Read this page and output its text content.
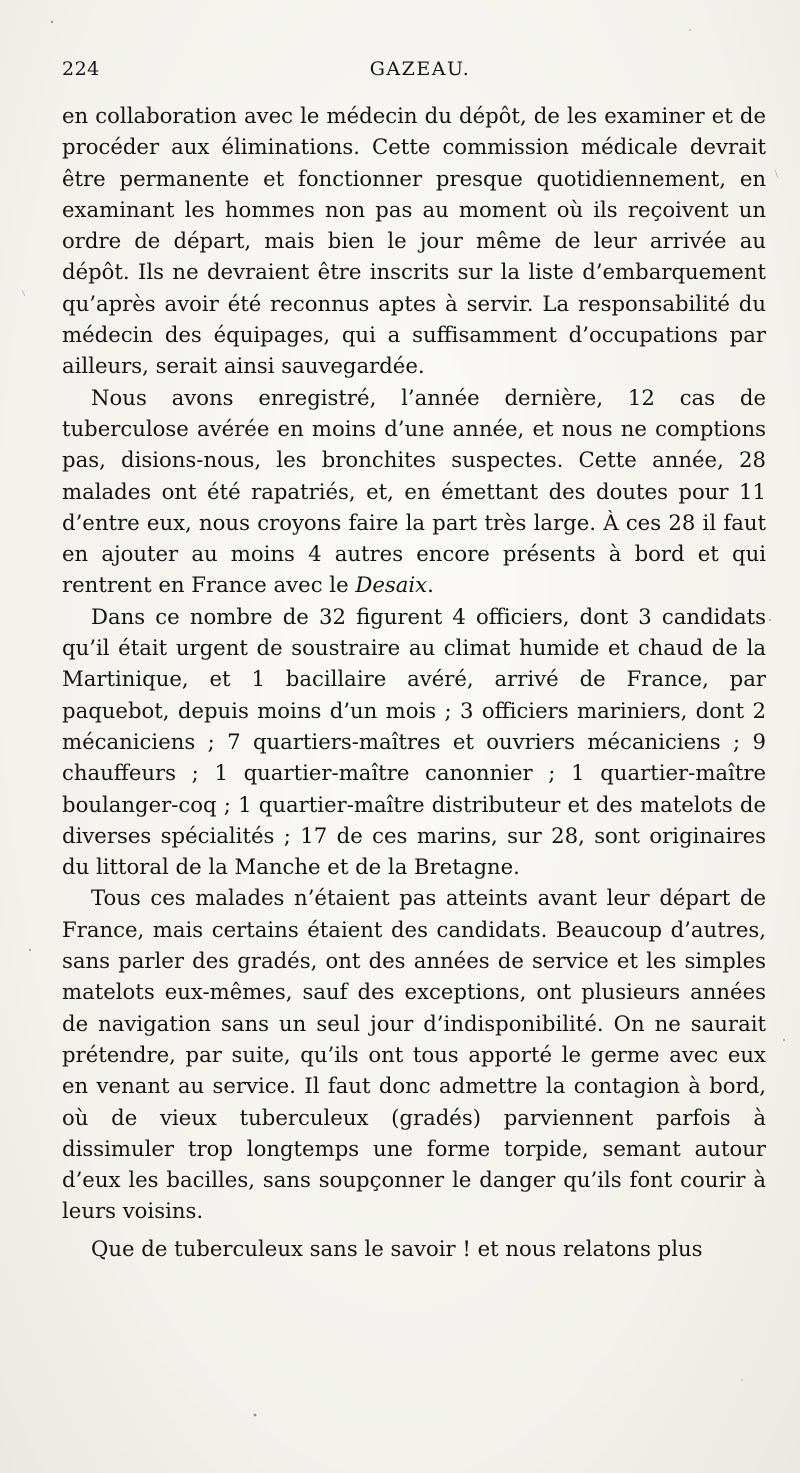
224	GAZEAU.

en collaboration avec le médecin du dépôt, de les examiner et de procéder aux éliminations. Cette commission médicale devrait être permanente et fonctionner presque quotidiennement, en examinant les hommes non pas au moment où ils reçoivent un ordre de départ, mais bien le jour même de leur arrivée au dépôt. Ils ne devraient être inscrits sur la liste d’embarquement qu’après avoir été reconnus aptes à servir. La responsabilité du médecin des équipages, qui a suffisamment d’occupations par ailleurs, serait ainsi sauvegardée.

Nous avons enregistré, l’année dernière, 12 cas de tuberculose avérée en moins d’une année, et nous ne comptions pas, disions-nous, les bronchites suspectes. Cette année, 28 malades ont été rapatriés, et, en émettant des doutes pour 11 d’entre eux, nous croyons faire la part très large. À ces 28 il faut en ajouter au moins 4 autres encore présents à bord et qui rentrent en France avec le Desaix.

Dans ce nombre de 32 figurent 4 officiers, dont 3 candidats qu’il était urgent de soustraire au climat humide et chaud de la Martinique, et 1 bacillaire avéré, arrivé de France, par paquebot, depuis moins d’un mois ; 3 officiers mariniers, dont 2 mécaniciens ; 7 quartiers-maîtres et ouvriers mécaniciens ; 9 chauffeurs ; 1 quartier-maître canonnier ; 1 quartier-maître boulanger-coq ; 1 quartier-maître distributeur et des matelots de diverses spécialités ; 17 de ces marins, sur 28, sont originaires du littoral de la Manche et de la Bretagne.

Tous ces malades n’étaient pas atteints avant leur départ de France, mais certains étaient des candidats. Beaucoup d’autres, sans parler des gradés, ont des années de service et les simples matelots eux-mêmes, sauf des exceptions, ont plusieurs années de navigation sans un seul jour d’indisponibilité. On ne saurait prétendre, par suite, qu’ils ont tous apporté le germe avec eux en venant au service. Il faut donc admettre la contagion à bord, où de vieux tuberculeux (gradés) parviennent parfois à dissimuler trop longtemps une forme torpide, semant autour d’eux les bacilles, sans soupçonner le danger qu’ils font courir à leurs voisins.

Que de tuberculeux sans le savoir ! et nous relatons plus
